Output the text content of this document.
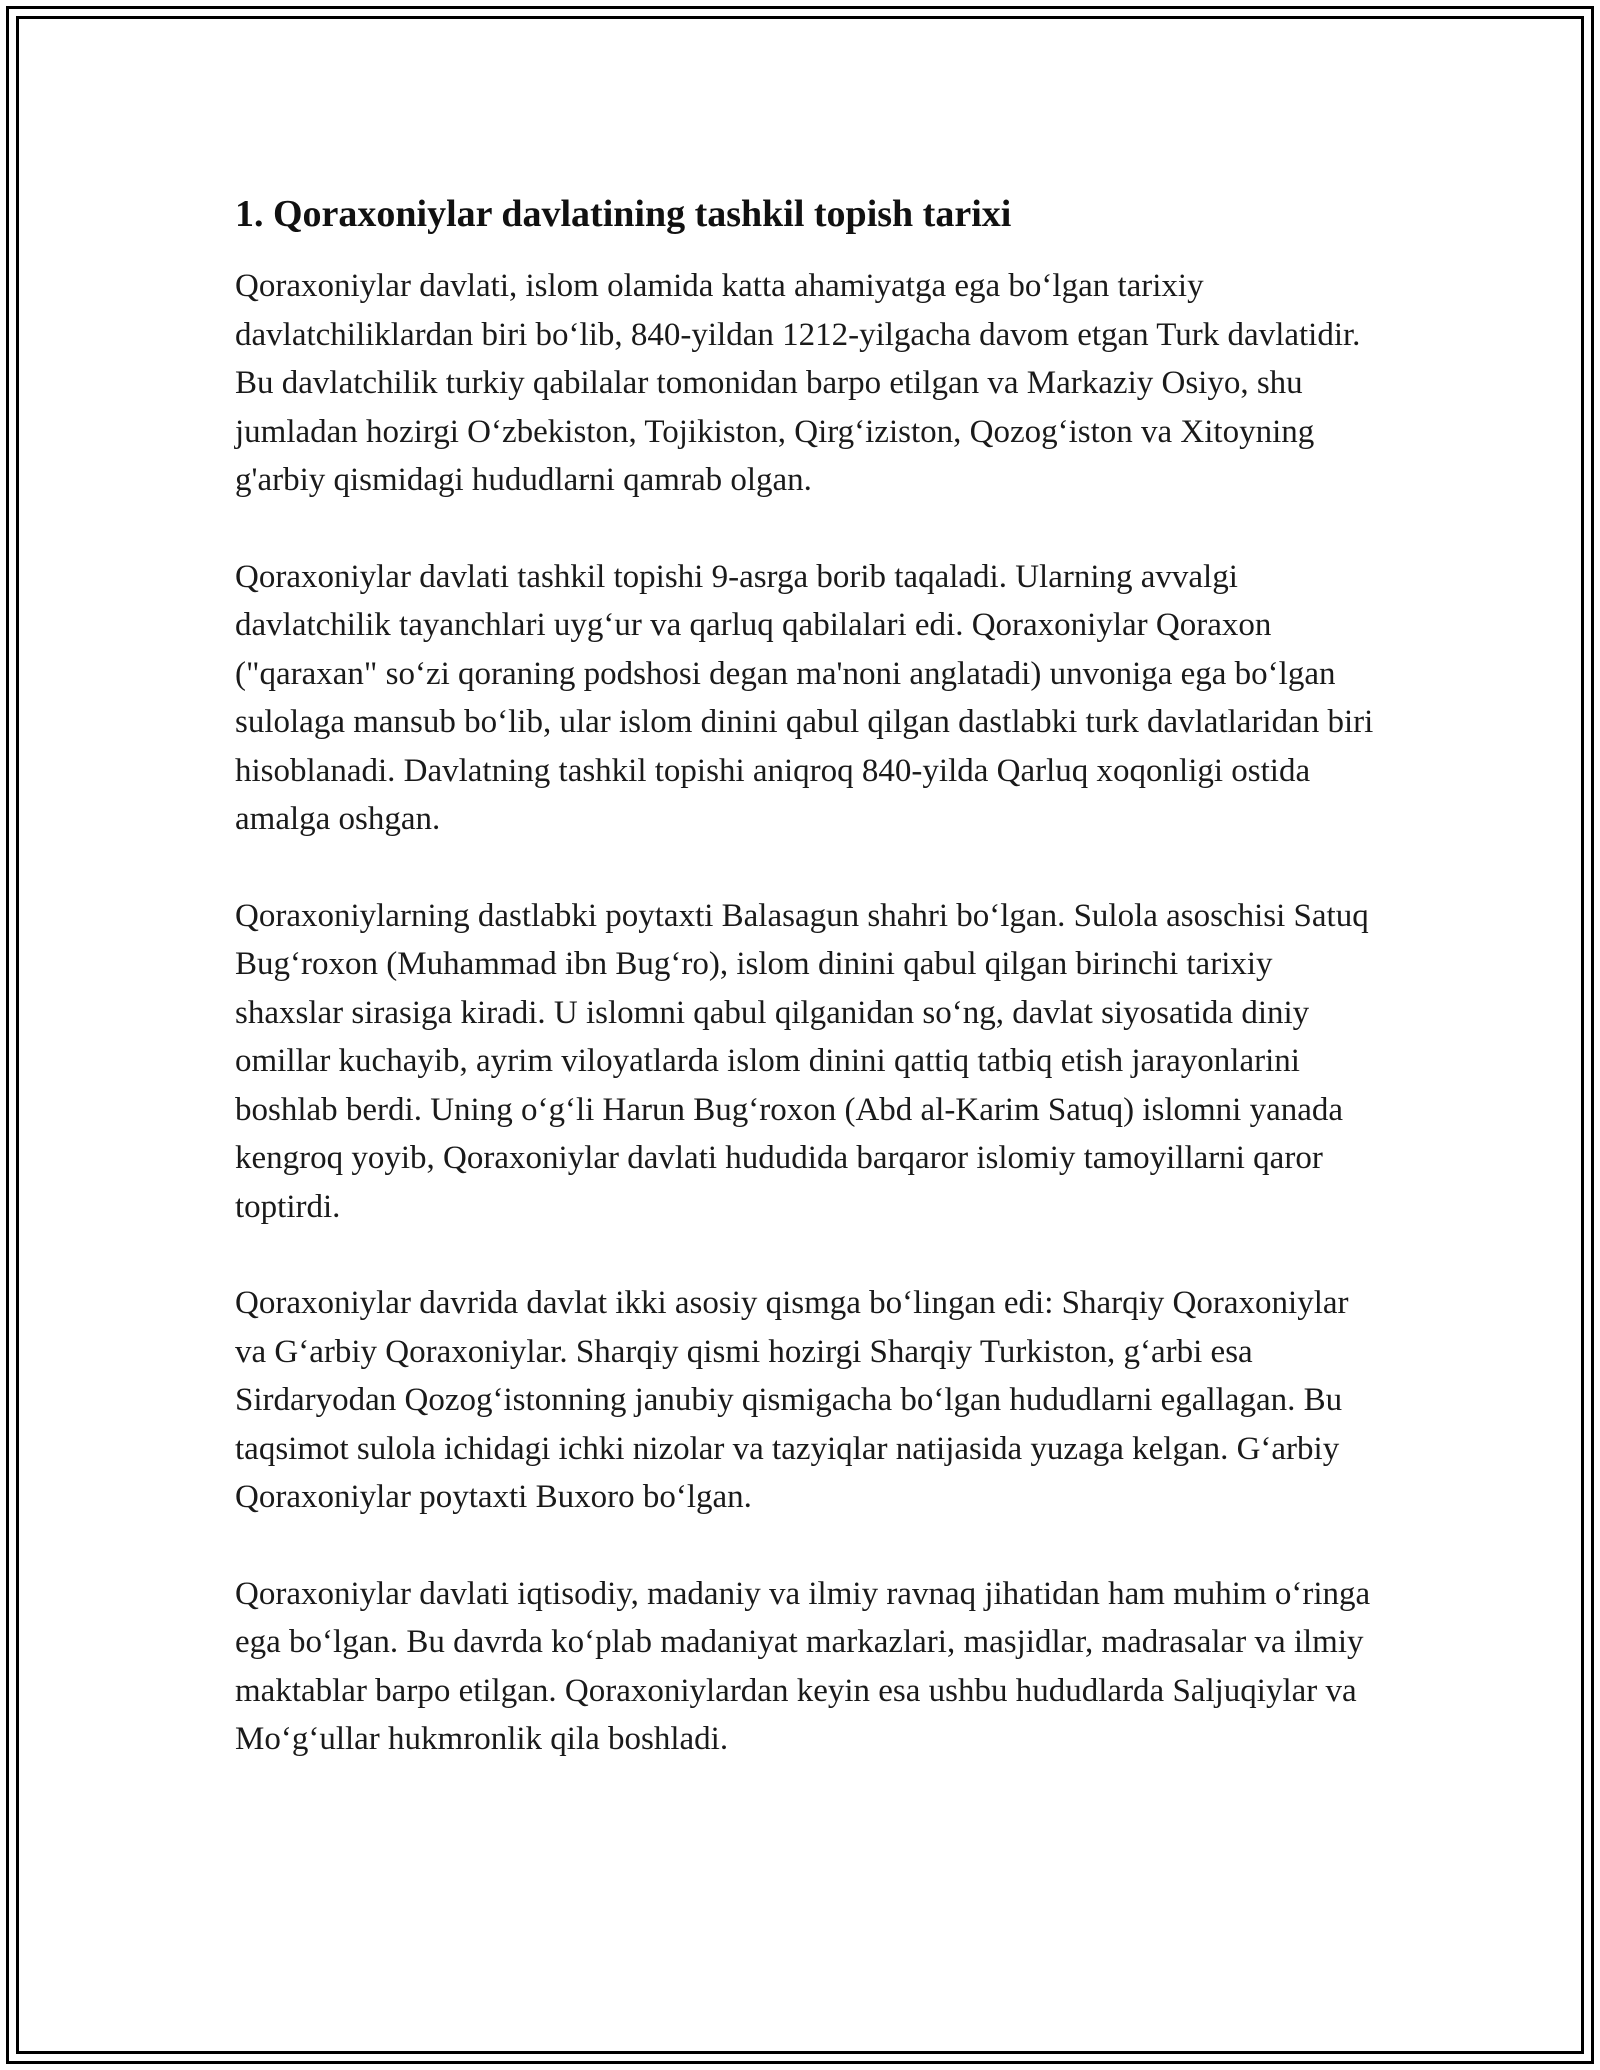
1. Qoraxoniylar davlatining tashkil topish tarixi

Qoraxoniylar davlati, islom olamida katta ahamiyatga ega bo‘lgan tarixiy davlatchiliklardan biri bo‘lib, 840-yildan 1212-yilgacha davom etgan Turk davlatidir. Bu davlatchilik turkiy qabilalar tomonidan barpo etilgan va Markaziy Osiyo, shu jumladan hozirgi O‘zbekiston, Tojikiston, Qirg‘iziston, Qozog‘iston va Xitoyning g'arbiy qismidagi hududlarni qamrab olgan.

Qoraxoniylar davlati tashkil topishi 9-asrga borib taqaladi. Ularning avvalgi davlatchilik tayanchlari uyg‘ur va qarluq qabilalari edi. Qoraxoniylar Qoraxon ("qaraxan" so‘zi qoraning podshosi degan ma'noni anglatadi) unvoniga ega bo‘lgan sulolaga mansub bo‘lib, ular islom dinini qabul qilgan dastlabki turk davlatlaridan biri hisoblanadi. Davlatning tashkil topishi aniqroq 840-yilda Qarluq xoqonligi ostida amalga oshgan.

Qoraxoniylarning dastlabki poytaxti Balasagun shahri bo‘lgan. Sulola asoschisi Satuq Bug‘roxon (Muhammad ibn Bug‘ro), islom dinini qabul qilgan birinchi tarixiy shaxslar sirasiga kiradi. U islomni qabul qilganidan so‘ng, davlat siyosatida diniy omillar kuchayib, ayrim viloyatlarda islom dinini qattiq tatbiq etish jarayonlarini boshlab berdi. Uning o‘g‘li Harun Bug‘roxon (Abd al-Karim Satuq) islomni yanada kengroq yoyib, Qoraxoniylar davlati hududida barqaror islomiy tamoyillarni qaror toptirdi.

Qoraxoniylar davrida davlat ikki asosiy qismga bo‘lingan edi: Sharqiy Qoraxoniylar va G‘arbiy Qoraxoniylar. Sharqiy qismi hozirgi Sharqiy Turkiston, g‘arbi esa Sirdaryodan Qozog‘istonning janubiy qismigacha bo‘lgan hududlarni egallagan. Bu taqsimot sulola ichidagi ichki nizolar va tazyiqlar natijasida yuzaga kelgan. G‘arbiy Qoraxoniylar poytaxti Buxoro bo‘lgan.

Qoraxoniylar davlati iqtisodiy, madaniy va ilmiy ravnaq jihatidan ham muhim o‘ringa ega bo‘lgan. Bu davrda ko‘plab madaniyat markazlari, masjidlar, madrasalar va ilmiy maktablar barpo etilgan. Qoraxoniylardan keyin esa ushbu hududlarda Saljuqiylar va Mo‘g‘ullar hukmronlik qila boshladi.
